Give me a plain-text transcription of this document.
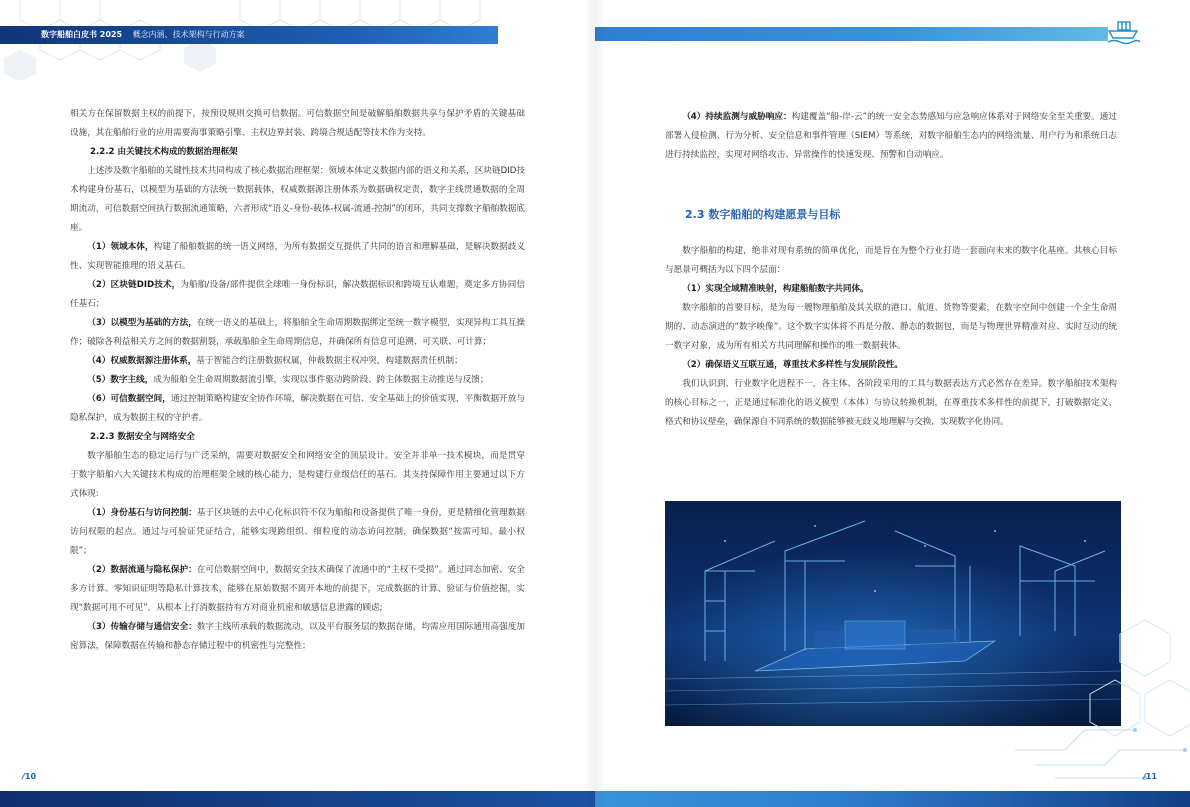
数字船舶白皮书 2025 概念内涵、技术架构与行动方案

相关方在保留数据主权的前提下，按预设规则交换可信数据。可信数据空间是破解船舶数据共享与保护矛盾的关键基础设施，其在船舶行业的应用需要海事策略引擎、主权边界封装、跨境合规适配等技术作为支持。

2.2.2 由关键技术构成的数据治理框架

上述涉及数字船舶的关键性技术共同构成了核心数据治理框架：领域本体定义数据内部的语义和关系，区块链DID技术构建身份基石，以模型为基础的方法统一数据载体，权威数据源注册体系为数据确权定责，数字主线贯通数据的全周期流动，可信数据空间执行数据流通策略，六者形成“语义-身份-载体-权属-流通-控制”的闭环，共同支撑数字船舶数据底座。

（1）领域本体，构建了船舶数据的统一语义网络，为所有数据交互提供了共同的语言和理解基础，是解决数据歧义性、实现智能推理的语义基石。

（2）区块链DID技术，为船舶/设备/部件提供全球唯一身份标识，解决数据标识和跨境互认难题，奠定多方协同信任基石；

（3）以模型为基础的方法，在统一语义的基础上，将船舶全生命周期数据绑定至统一数字模型，实现异构工具互操作；破除各利益相关方之间的数据割裂，承载船舶全生命周期信息，并确保所有信息可追溯、可关联、可计算；

（4）权威数据源注册体系，基于智能合约注册数据权属，仲裁数据主权冲突，构建数据责任机制；

（5）数字主线，成为船舶全生命周期数据流引擎，实现以事件驱动跨阶段、跨主体数据主动推送与反馈；

（6）可信数据空间，通过控制策略构建安全协作环境，解决数据在可信、安全基础上的价值实现，平衡数据开放与隐私保护，成为数据主权的守护者。

2.2.3 数据安全与网络安全

数字船舶生态的稳定运行与广泛采纳，需要对数据安全和网络安全的顶层设计。安全并非单一技术模块，而是贯穿于数字船舶六大关键技术构成的治理框架全域的核心能力，是构建行业级信任的基石。其支持保障作用主要通过以下方式体现:

（1）身份基石与访问控制：基于区块链的去中心化标识符不仅为船舶和设备提供了唯一身份，更是精细化管理数据访问权限的起点。通过与可验证凭证结合，能够实现跨组织、细粒度的动态访问控制，确保数据“按需可知、最小权限”；

（2）数据流通与隐私保护：在可信数据空间中，数据安全技术确保了流通中的“主权不受损”。通过同态加密、安全多方计算、零知识证明等隐私计算技术，能够在原始数据不离开本地的前提下，完成数据的计算、验证与价值挖掘，实现“数据可用不可见”，从根本上打消数据持有方对商业机密和敏感信息泄露的顾虑;

（3）传输存储与通信安全：数字主线所承载的数据流动，以及平台服务层的数据存储，均需应用国际通用高强度加密算法，保障数据在传输和静态存储过程中的机密性与完整性；

/10

（4）持续监测与威胁响应：构建覆盖“船-岸-云”的统一安全态势感知与应急响应体系对于网络安全至关重要。通过部署入侵检测、行为分析、安全信息和事件管理（SIEM）等系统，对数字船舶生态内的网络流量、用户行为和系统日志进行持续监控，实现对网络攻击、异常操作的快速发现、预警和自动响应。

2.3 数字船舶的构建愿景与目标

数字船舶的构建，绝非对现有系统的简单优化，而是旨在为整个行业打造一套面向未来的数字化基座。其核心目标与愿景可概括为以下四个层面：

（1）实现全域精准映射，构建船舶数字共同体。

数字船舶的首要目标，是为每一艘物理船舶及其关联的港口、航道、货物等要素，在数字空间中创建一个全生命周期的、动态演进的“数字映像”。这个数字实体将不再是分散、静态的数据包，而是与物理世界精准对应、实时互动的统一数字对象，成为所有相关方共同理解和操作的唯一数据载体。

（2）确保语义互联互通，尊重技术多样性与发展阶段性。

我们认识到，行业数字化进程不一，各主体、各阶段采用的工具与数据表达方式必然存在差异。数字船舶技术架构的核心目标之一，正是通过标准化的语义模型（本体）与协议转换机制，在尊重技术多样性的前提下，打破数据定义、格式和协议壁垒，确保源自不同系统的数据能够被无歧义地理解与交换，实现数字化协同。

/11
